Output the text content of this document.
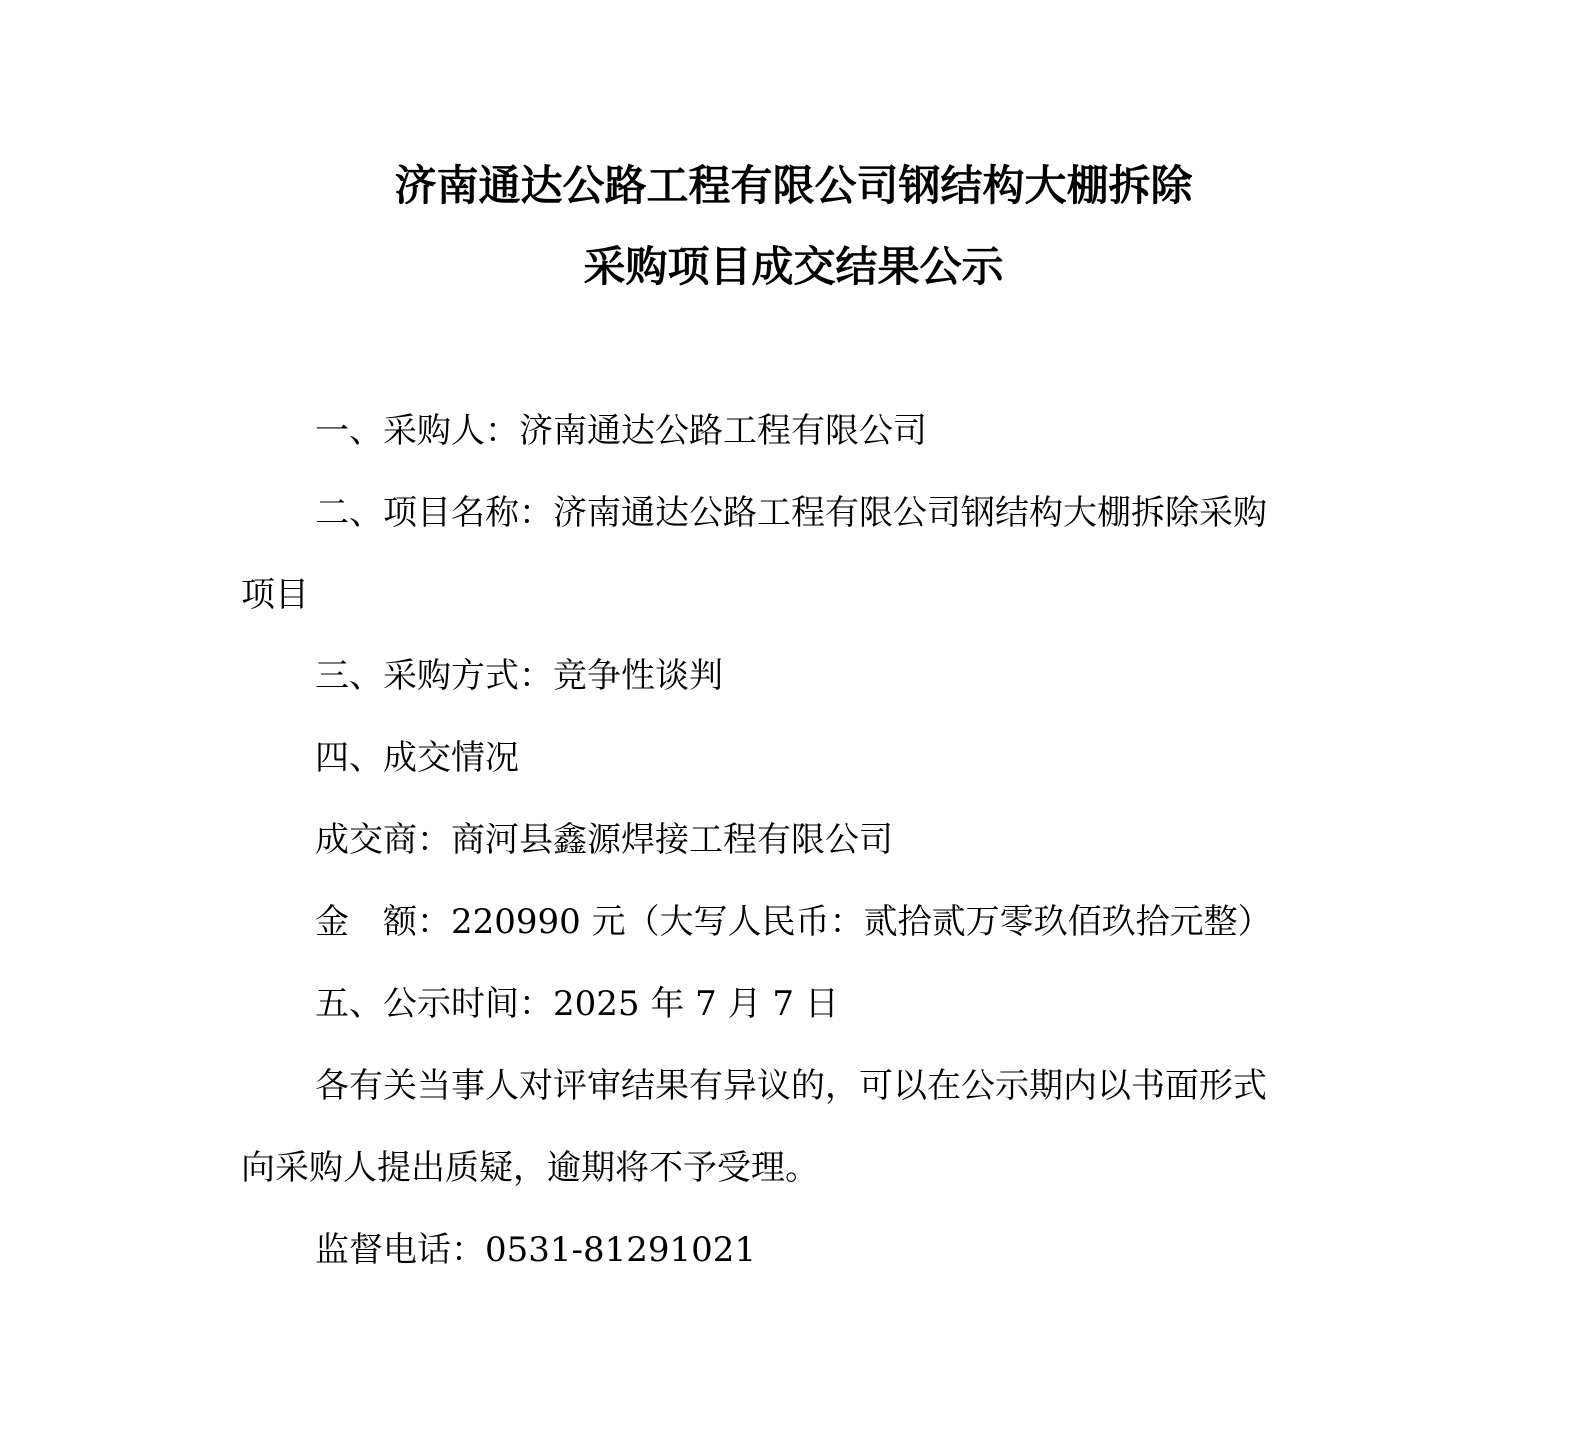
济南通达公路工程有限公司钢结构大棚拆除
采购项目成交结果公示
一、采购人：济南通达公路工程有限公司
二、项目名称：济南通达公路工程有限公司钢结构大棚拆除采购
项目
三、采购方式：竞争性谈判
四、成交情况
成交商：商河县鑫源焊接工程有限公司
金 额：220990 元（大写人民币：贰拾贰万零玖佰玖拾元整）
五、公示时间：2025 年 7 月 7 日
各有关当事人对评审结果有异议的，可以在公示期内以书面形式
向采购人提出质疑，逾期将不予受理。
监督电话：0531-81291021
